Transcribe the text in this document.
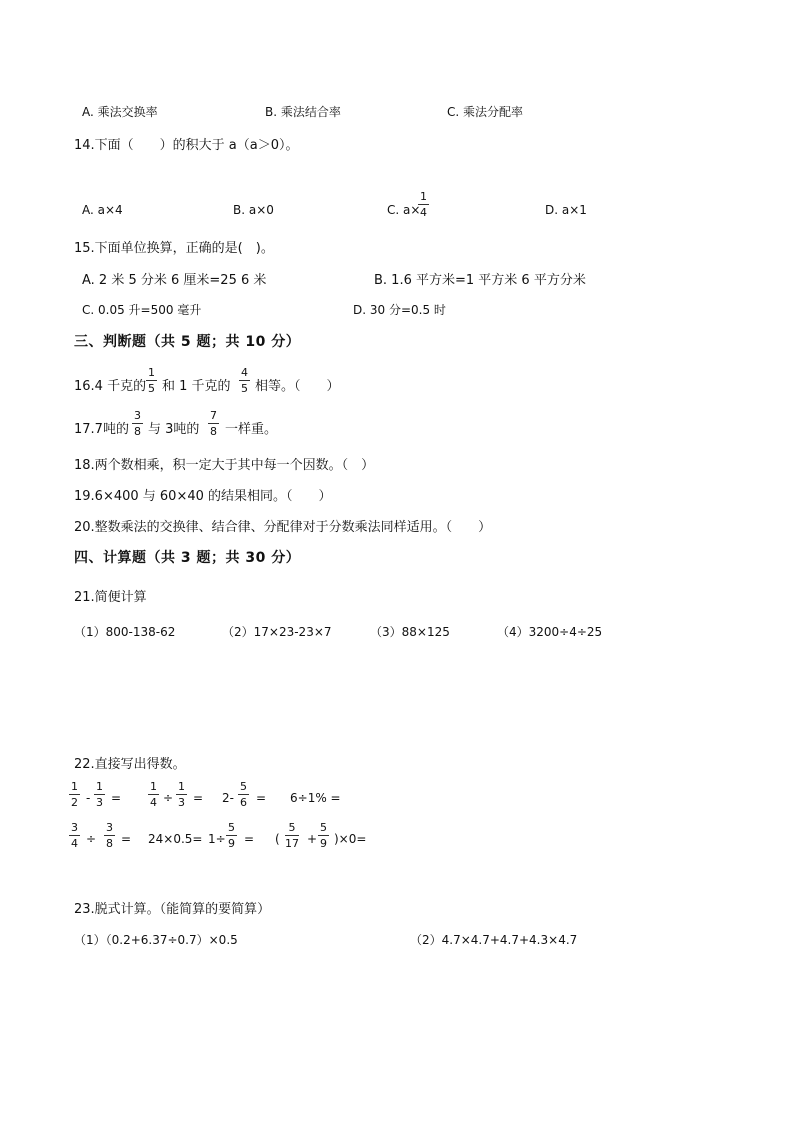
A. 乘法交换率	B. 乘法结合率	C. 乘法分配率
14.下面（　　）的积大于 a（a＞0）。
A. a×4	B. a×0	C. a×
1
4	D. a×1
15.下面单位换算，正确的是(　)。
A. 2 米 5 分米 6 厘米=25 6 米	B. 1.6 平方米=1 平方米 6 平方分米
C. 0.05 升=500 毫升	D. 30 分=0.5 时
三、判断题（共 5 题；共 10 分）
16.4 千克的
1
5 和 1 千克的
4
5 相等。（　　）
17.7吨的
3
8 与 3吨的
7
8 一样重。
18.两个数相乘，积一定大于其中每一个因数。（　）
19.6×400 与 60×40 的结果相同。（　　）
20.整数乘法的交换律、结合律、分配律对于分数乘法同样适用。（　　）
四、计算题（共 3 题；共 30 分）
21.简便计算
（1）800-138-62	（2）17×23-23×7	（3）88×125	（4）3200÷4÷25
22.直接写出得数。
1
2 -
1
3 =
1
4 ÷
1
3 = 2-
5
6 = 6÷1% =
3
4 ÷
3
8 = 24×0.5= 1÷
5
9 = (
5
17 +
5
9 )×0=
23.脱式计算。（能简算的要简算）
（1）（0.2+6.37÷0.7）×0.5	（2）4.7×4.7+4.7+4.3×4.7
